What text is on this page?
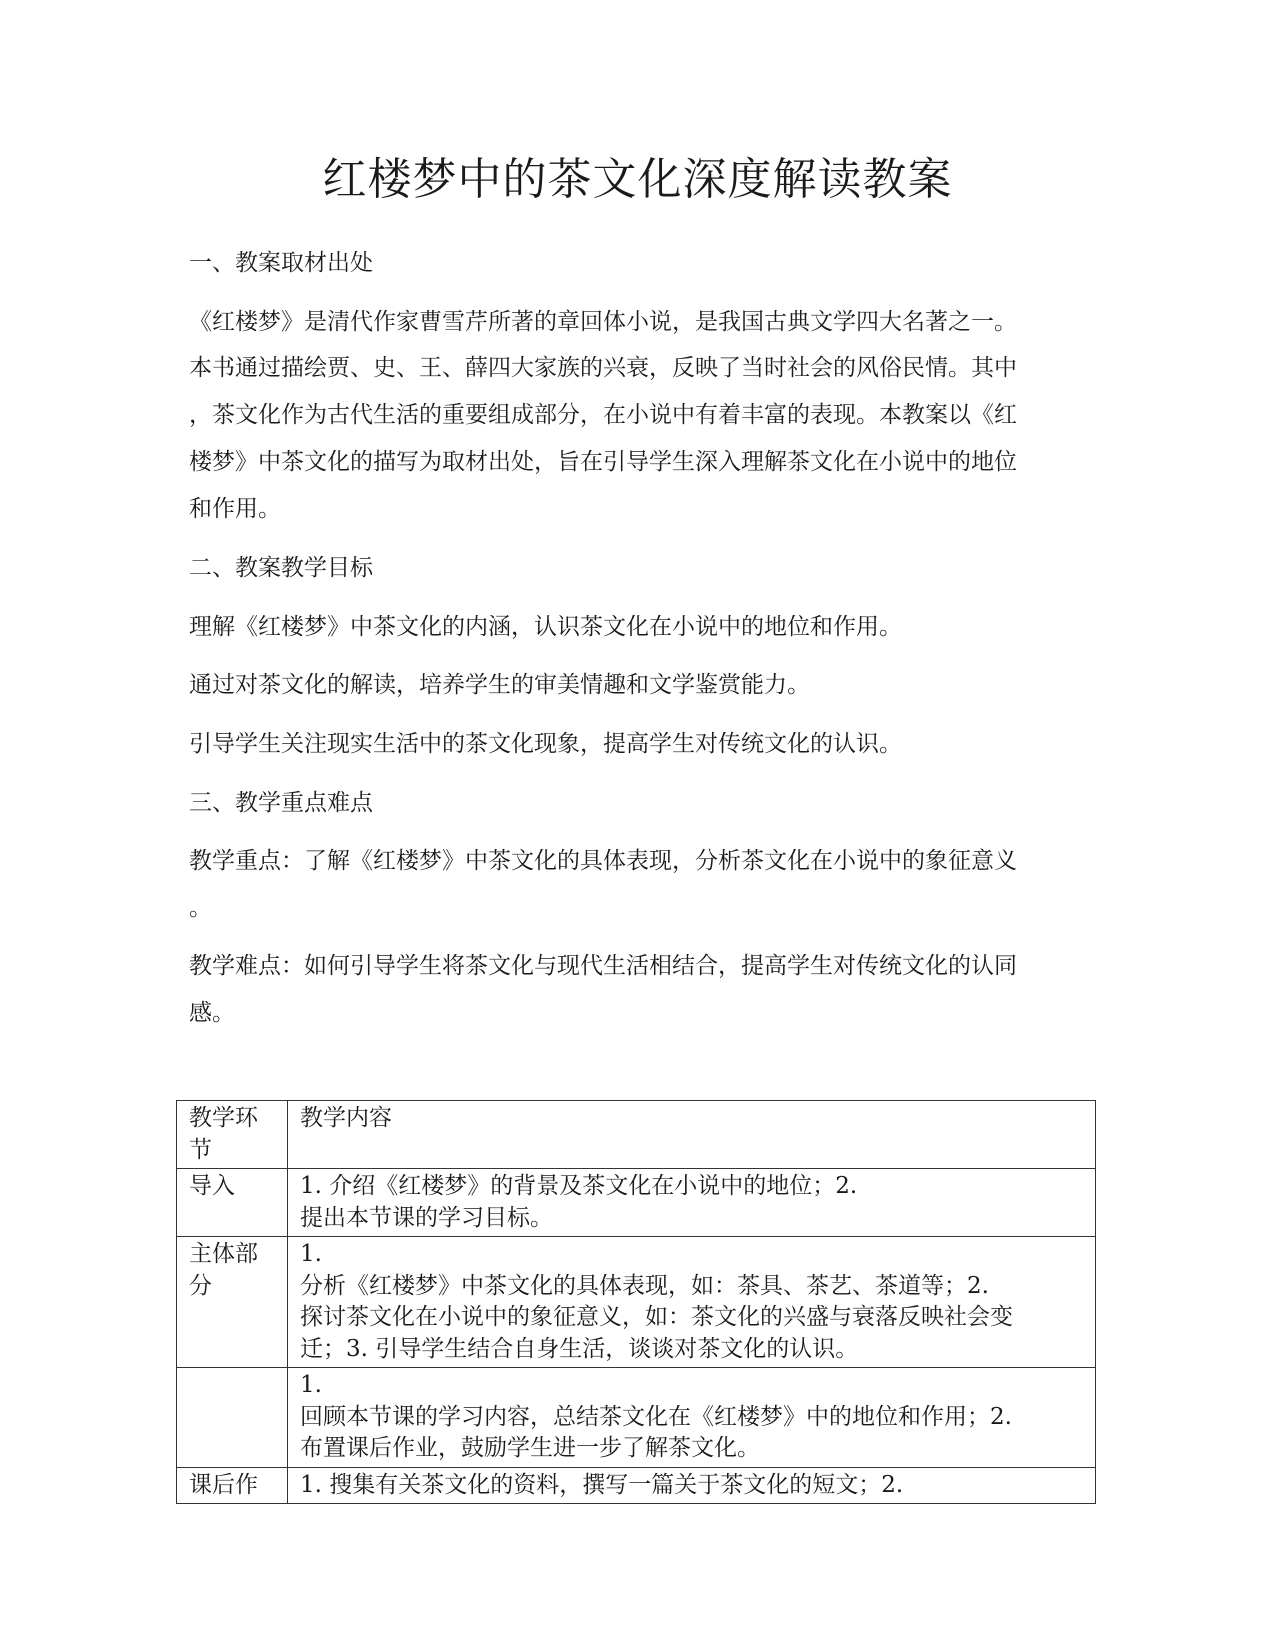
红楼梦中的茶文化深度解读教案

一、教案取材出处

《红楼梦》是清代作家曹雪芹所著的章回体小说，是我国古典文学四大名著之一。

本书通过描绘贾、史、王、薛四大家族的兴衰，反映了当时社会的风俗民情。其中

，茶文化作为古代生活的重要组成部分，在小说中有着丰富的表现。本教案以《红

楼梦》中茶文化的描写为取材出处，旨在引导学生深入理解茶文化在小说中的地位

和作用。

二、教案教学目标

理解《红楼梦》中茶文化的内涵，认识茶文化在小说中的地位和作用。

通过对茶文化的解读，培养学生的审美情趣和文学鉴赏能力。

引导学生关注现实生活中的茶文化现象，提高学生对传统文化的认识。

三、教学重点难点

教学重点：了解《红楼梦》中茶文化的具体表现，分析茶文化在小说中的象征意义

。

教学难点：如何引导学生将茶文化与现代生活相结合，提高学生对传统文化的认同

感。

教学环
节	教学内容

导入	1. 介绍《红楼梦》的背景及茶文化在小说中的地位；2.
提出本节课的学习目标。

主体部
分	1.
分析《红楼梦》中茶文化的具体表现，如：茶具、茶艺、茶道等；2.
探讨茶文化在小说中的象征意义，如：茶文化的兴盛与衰落反映社会变
迁；3. 引导学生结合自身生活，谈谈对茶文化的认识。

	1.
回顾本节课的学习内容，总结茶文化在《红楼梦》中的地位和作用；2.
布置课后作业，鼓励学生进一步了解茶文化。

课后作	1. 搜集有关茶文化的资料，撰写一篇关于茶文化的短文；2.
